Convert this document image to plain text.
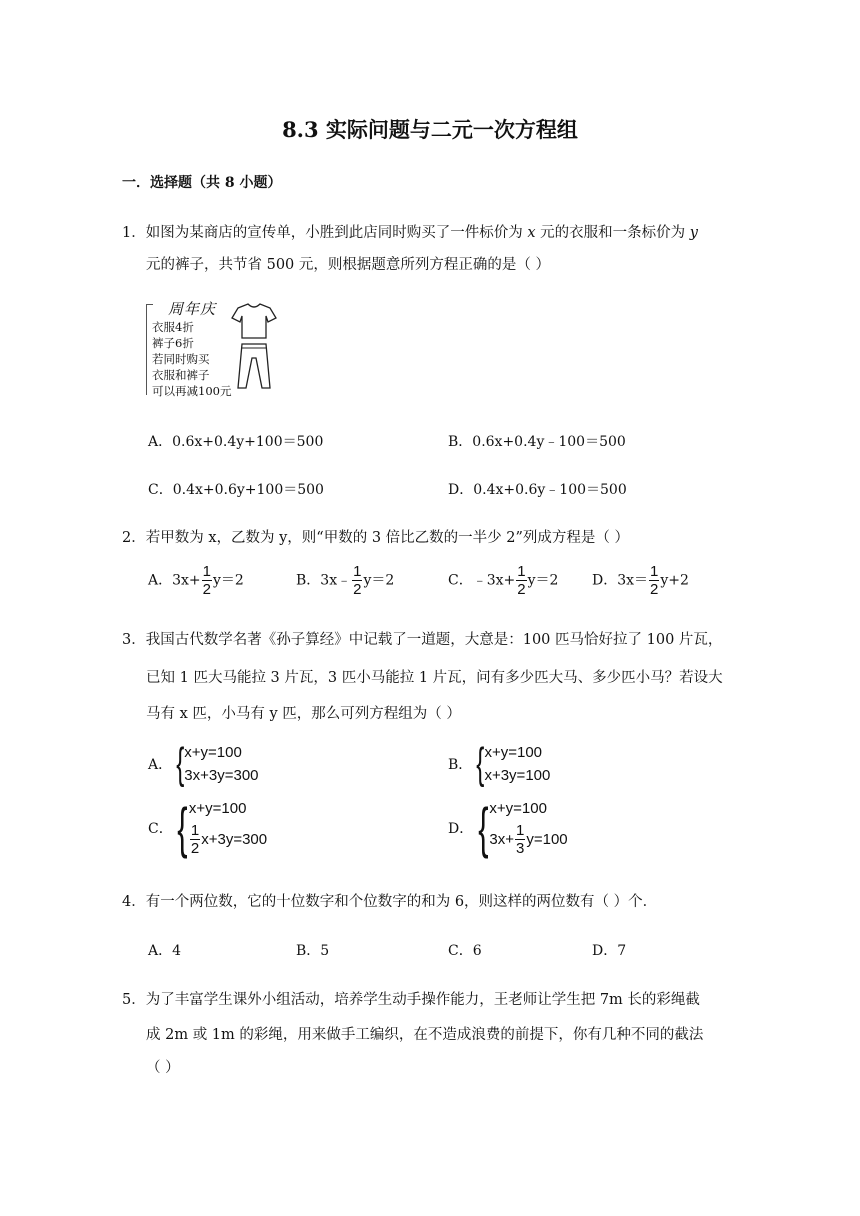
8.3 实际问题与二元一次方程组
一．选择题（共 8 小题）
1．如图为某商店的宣传单，小胜到此店同时购买了一件标价为 x 元的衣服和一条标价为 y
元的裤子，共节省 500 元，则根据题意所列方程正确的是（ ）
周年庆
衣服4折
裤子6折
若同时购买
衣服和裤子
可以再减100元
A．0.6x+0.4y+100＝500	B．0.6x+0.4y﹣100＝500
C．0.4x+0.6y+100＝500	D．0.4x+0.6y﹣100＝500
2．若甲数为 x，乙数为 y，则“甲数的 3 倍比乙数的一半少 2”列成方程是（ ）
A．$3x+ \frac{1}{2} y=2$	B．3x﹣ $\frac{1}{2} y=2$	C．﹣3x+ $\frac{1}{2} y=2$ D．$3x= \frac{1}{2} y+2$
3．我国古代数学名著《孙子算经》中记载了一道题，大意是：100 匹马恰好拉了 100 片瓦，
已知 1 匹大马能拉 3 片瓦，3 匹小马能拉 1 片瓦，问有多少匹大马、多少匹小马？若设大
马有 x 匹，小马有 y 匹，那么可列方程组为（ ）
A． { x+y=100
3x+3y=300
B． { x+y=100
x+3y=100
C． { x+y=100
$\frac{1}{2} x+3y=300$
D． { x+y=100
$3x+ \frac{1}{3} y=100$
4．有一个两位数，它的十位数字和个位数字的和为 6，则这样的两位数有（ ）个．
A．4	B．5	C．6	D．7
5．为了丰富学生课外小组活动，培养学生动手操作能力，王老师让学生把 7m 长的彩绳截
成 2m 或 1m 的彩绳，用来做手工编织，在不造成浪费的前提下，你有几种不同的截法
（ ）
